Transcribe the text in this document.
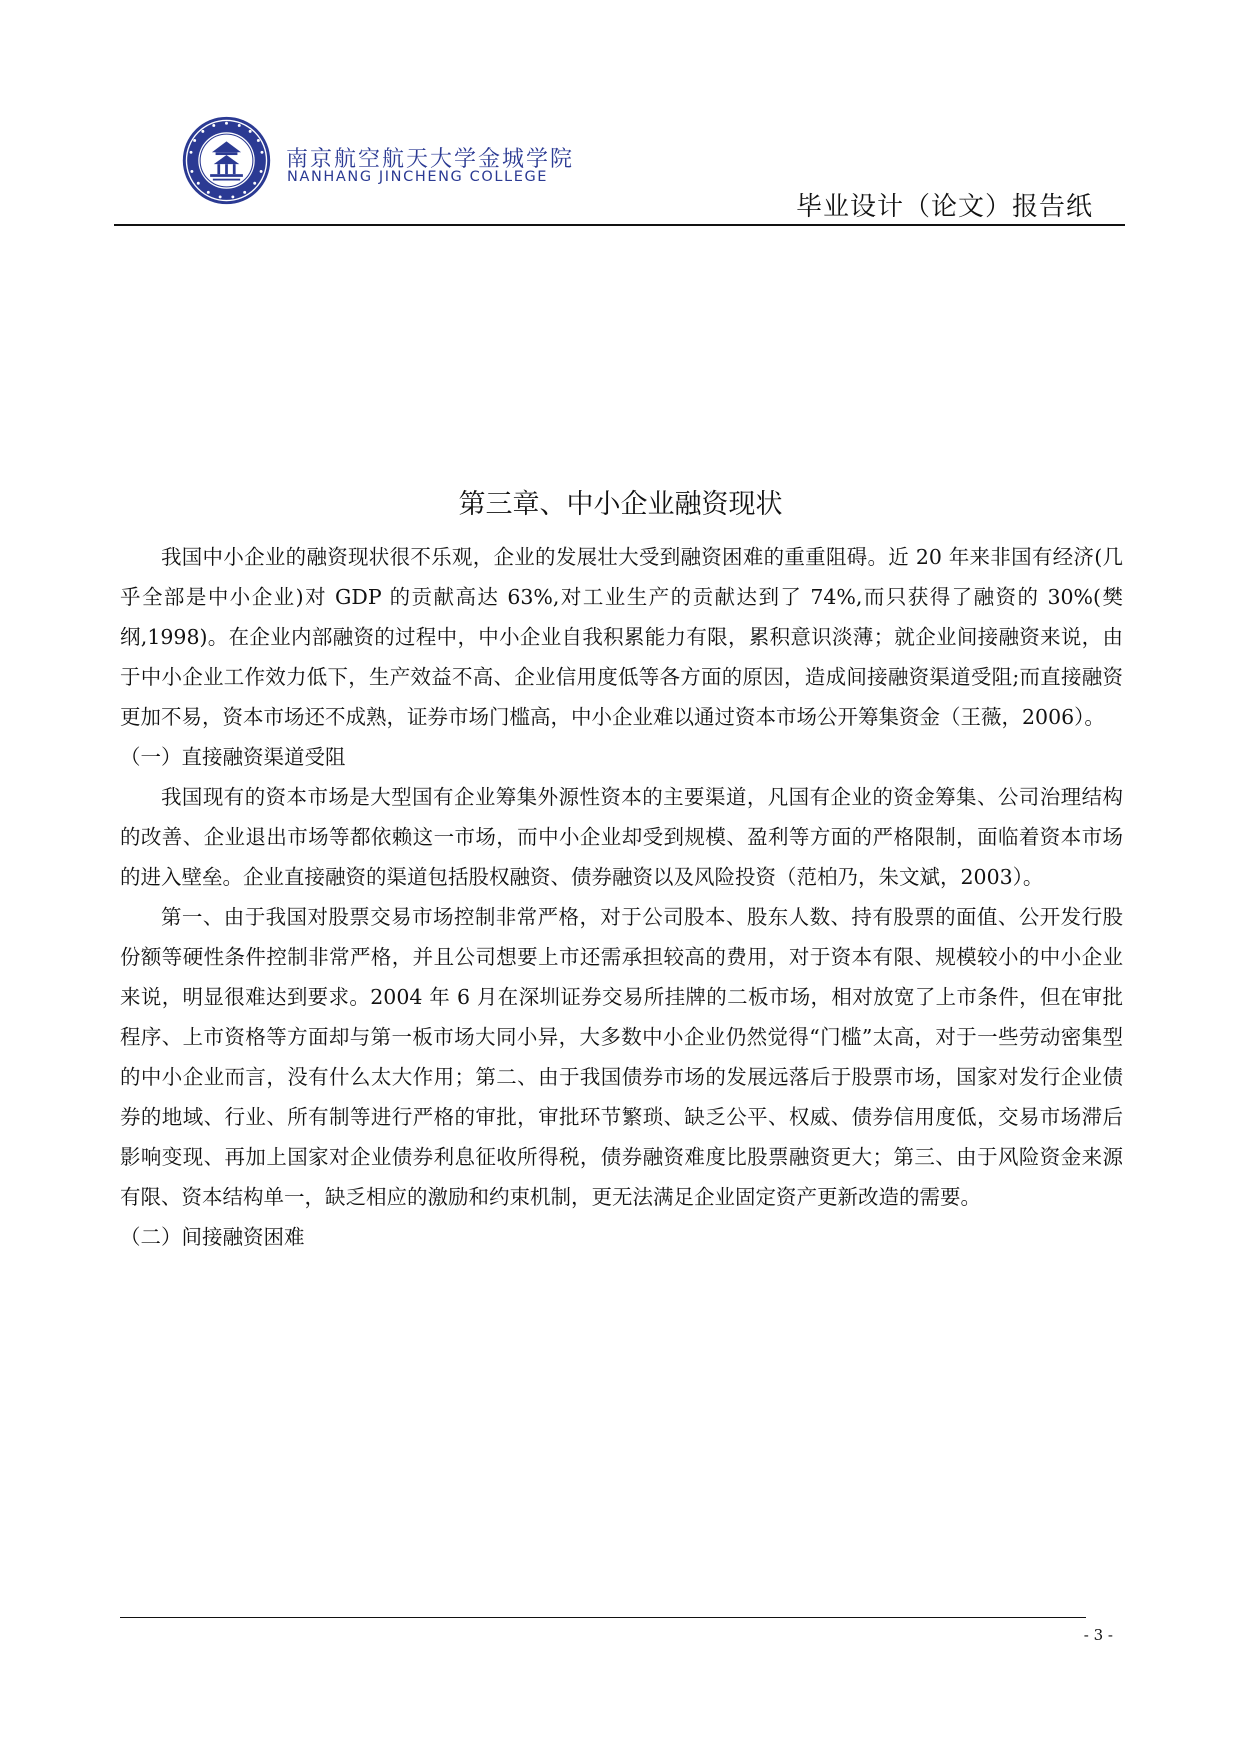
南京航空航天大学金城学院
NANHANG JINCHENG COLLEGE
毕业设计（论文）报告纸
第三章、中小企业融资现状

我国中小企业的融资现状很不乐观，企业的发展壮大受到融资困难的重重阻碍。近 20 年来非国有经济(几乎全部是中小企业)对 GDP 的贡献高达 63%,对工业生产的贡献达到了 74%,而只获得了融资的 30%(樊纲,1998)。在企业内部融资的过程中，中小企业自我积累能力有限，累积意识淡薄；就企业间接融资来说，由于中小企业工作效力低下，生产效益不高、企业信用度低等各方面的原因，造成间接融资渠道受阻;而直接融资更加不易，资本市场还不成熟，证券市场门槛高，中小企业难以通过资本市场公开筹集资金（王薇，2006）。

（一）直接融资渠道受阻

我国现有的资本市场是大型国有企业筹集外源性资本的主要渠道，凡国有企业的资金筹集、公司治理结构的改善、企业退出市场等都依赖这一市场，而中小企业却受到规模、盈利等方面的严格限制，面临着资本市场的进入壁垒。企业直接融资的渠道包括股权融资、债券融资以及风险投资（范柏乃，朱文斌，2003）。

第一、由于我国对股票交易市场控制非常严格，对于公司股本、股东人数、持有股票的面值、公开发行股份额等硬性条件控制非常严格，并且公司想要上市还需承担较高的费用，对于资本有限、规模较小的中小企业来说，明显很难达到要求。2004 年 6 月在深圳证券交易所挂牌的二板市场，相对放宽了上市条件，但在审批程序、上市资格等方面却与第一板市场大同小异，大多数中小企业仍然觉得“门槛”太高，对于一些劳动密集型的中小企业而言，没有什么太大作用；第二、由于我国债券市场的发展远落后于股票市场，国家对发行企业债券的地域、行业、所有制等进行严格的审批，审批环节繁琐、缺乏公平、权威、债券信用度低，交易市场滞后影响变现、再加上国家对企业债券利息征收所得税，债券融资难度比股票融资更大；第三、由于风险资金来源有限、资本结构单一，缺乏相应的激励和约束机制，更无法满足企业固定资产更新改造的需要。

（二）间接融资困难

- 3 -
